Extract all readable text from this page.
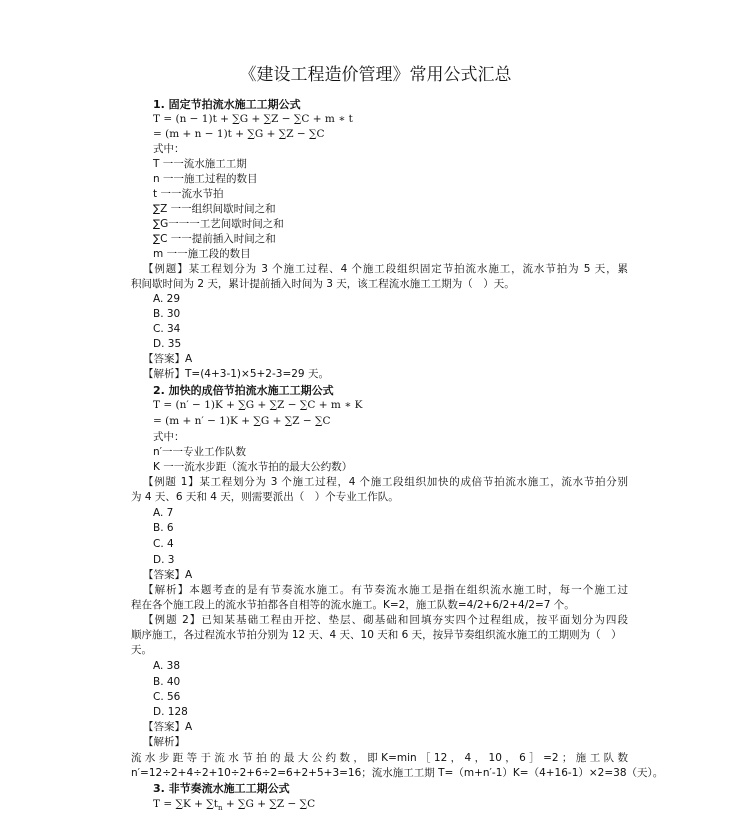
《建设工程造价管理》常用公式汇总
1. 固定节拍流水施工工期公式
T = (n − 1)t + ∑G + ∑Z − ∑C + m ∗ t
= (m + n − 1)t + ∑G + ∑Z − ∑C
式中：
T 一一流水施工工期
n 一一施工过程的数目
t 一一流水节拍
∑Z 一一组织间歇时间之和
∑G一一一工艺间歇时间之和
∑C 一一提前插入时间之和
m 一一施工段的数目
【例题】某工程划分为 3 个施工过程、4 个施工段组织固定节拍流水施工，流水节拍为 5 天，累
积间歇时间为 2 天，累计提前插入时间为 3 天，该工程流水施工工期为（　）天。
A. 29
B. 30
C. 34
D. 35
【答案】A
【解析】T=(4+3-1)×5+2-3=29 天。
2. 加快的成倍节拍流水施工工期公式
T = (n′ − 1)K + ∑G + ∑Z − ∑C + m ∗ K
= (m + n′ − 1)K + ∑G + ∑Z − ∑C
式中：
n′一一专业工作队数
K 一一流水步距（流水节拍的最大公约数）
【例题 1】某工程划分为 3 个施工过程，4 个施工段组织加快的成倍节拍流水施工，流水节拍分别
为 4 天、6 天和 4 天，则需要派出（　）个专业工作队。
A. 7
B. 6
C. 4
D. 3
【答案】A
【解析】本题考查的是有节奏流水施工。有节奏流水施工是指在组织流水施工时，每一个施工过
程在各个施工段上的流水节拍都各自相等的流水施工。K=2，施工队数=4/2+6/2+4/2=7 个。
【例题 2】已知某基础工程由开挖、垫层、砌基础和回填夯实四个过程组成，按平面划分为四段
顺序施工，各过程流水节拍分别为 12 天、4 天、10 天和 6 天，按异节奏组织流水施工的工期则为（　）
天。
A. 38
B. 40
C. 56
D. 128
【答案】A
【解析】
流 水 步 距 等 于 流 水 节 拍 的 最 大 公 约 数 ， 即 K=min ［ 12 ， 4 ， 10 ， 6 ］ =2 ； 施 工 队 数
n′=12÷2+4÷2+10÷2+6÷2=6+2+5+3=16；流水施工工期 T=（m+n′-1）K=（4+16-1）×2=38（天）。
3. 非节奏流水施工工期公式
$T = \sum K + \sum t_n + \sum G + \sum Z - \sum C$
